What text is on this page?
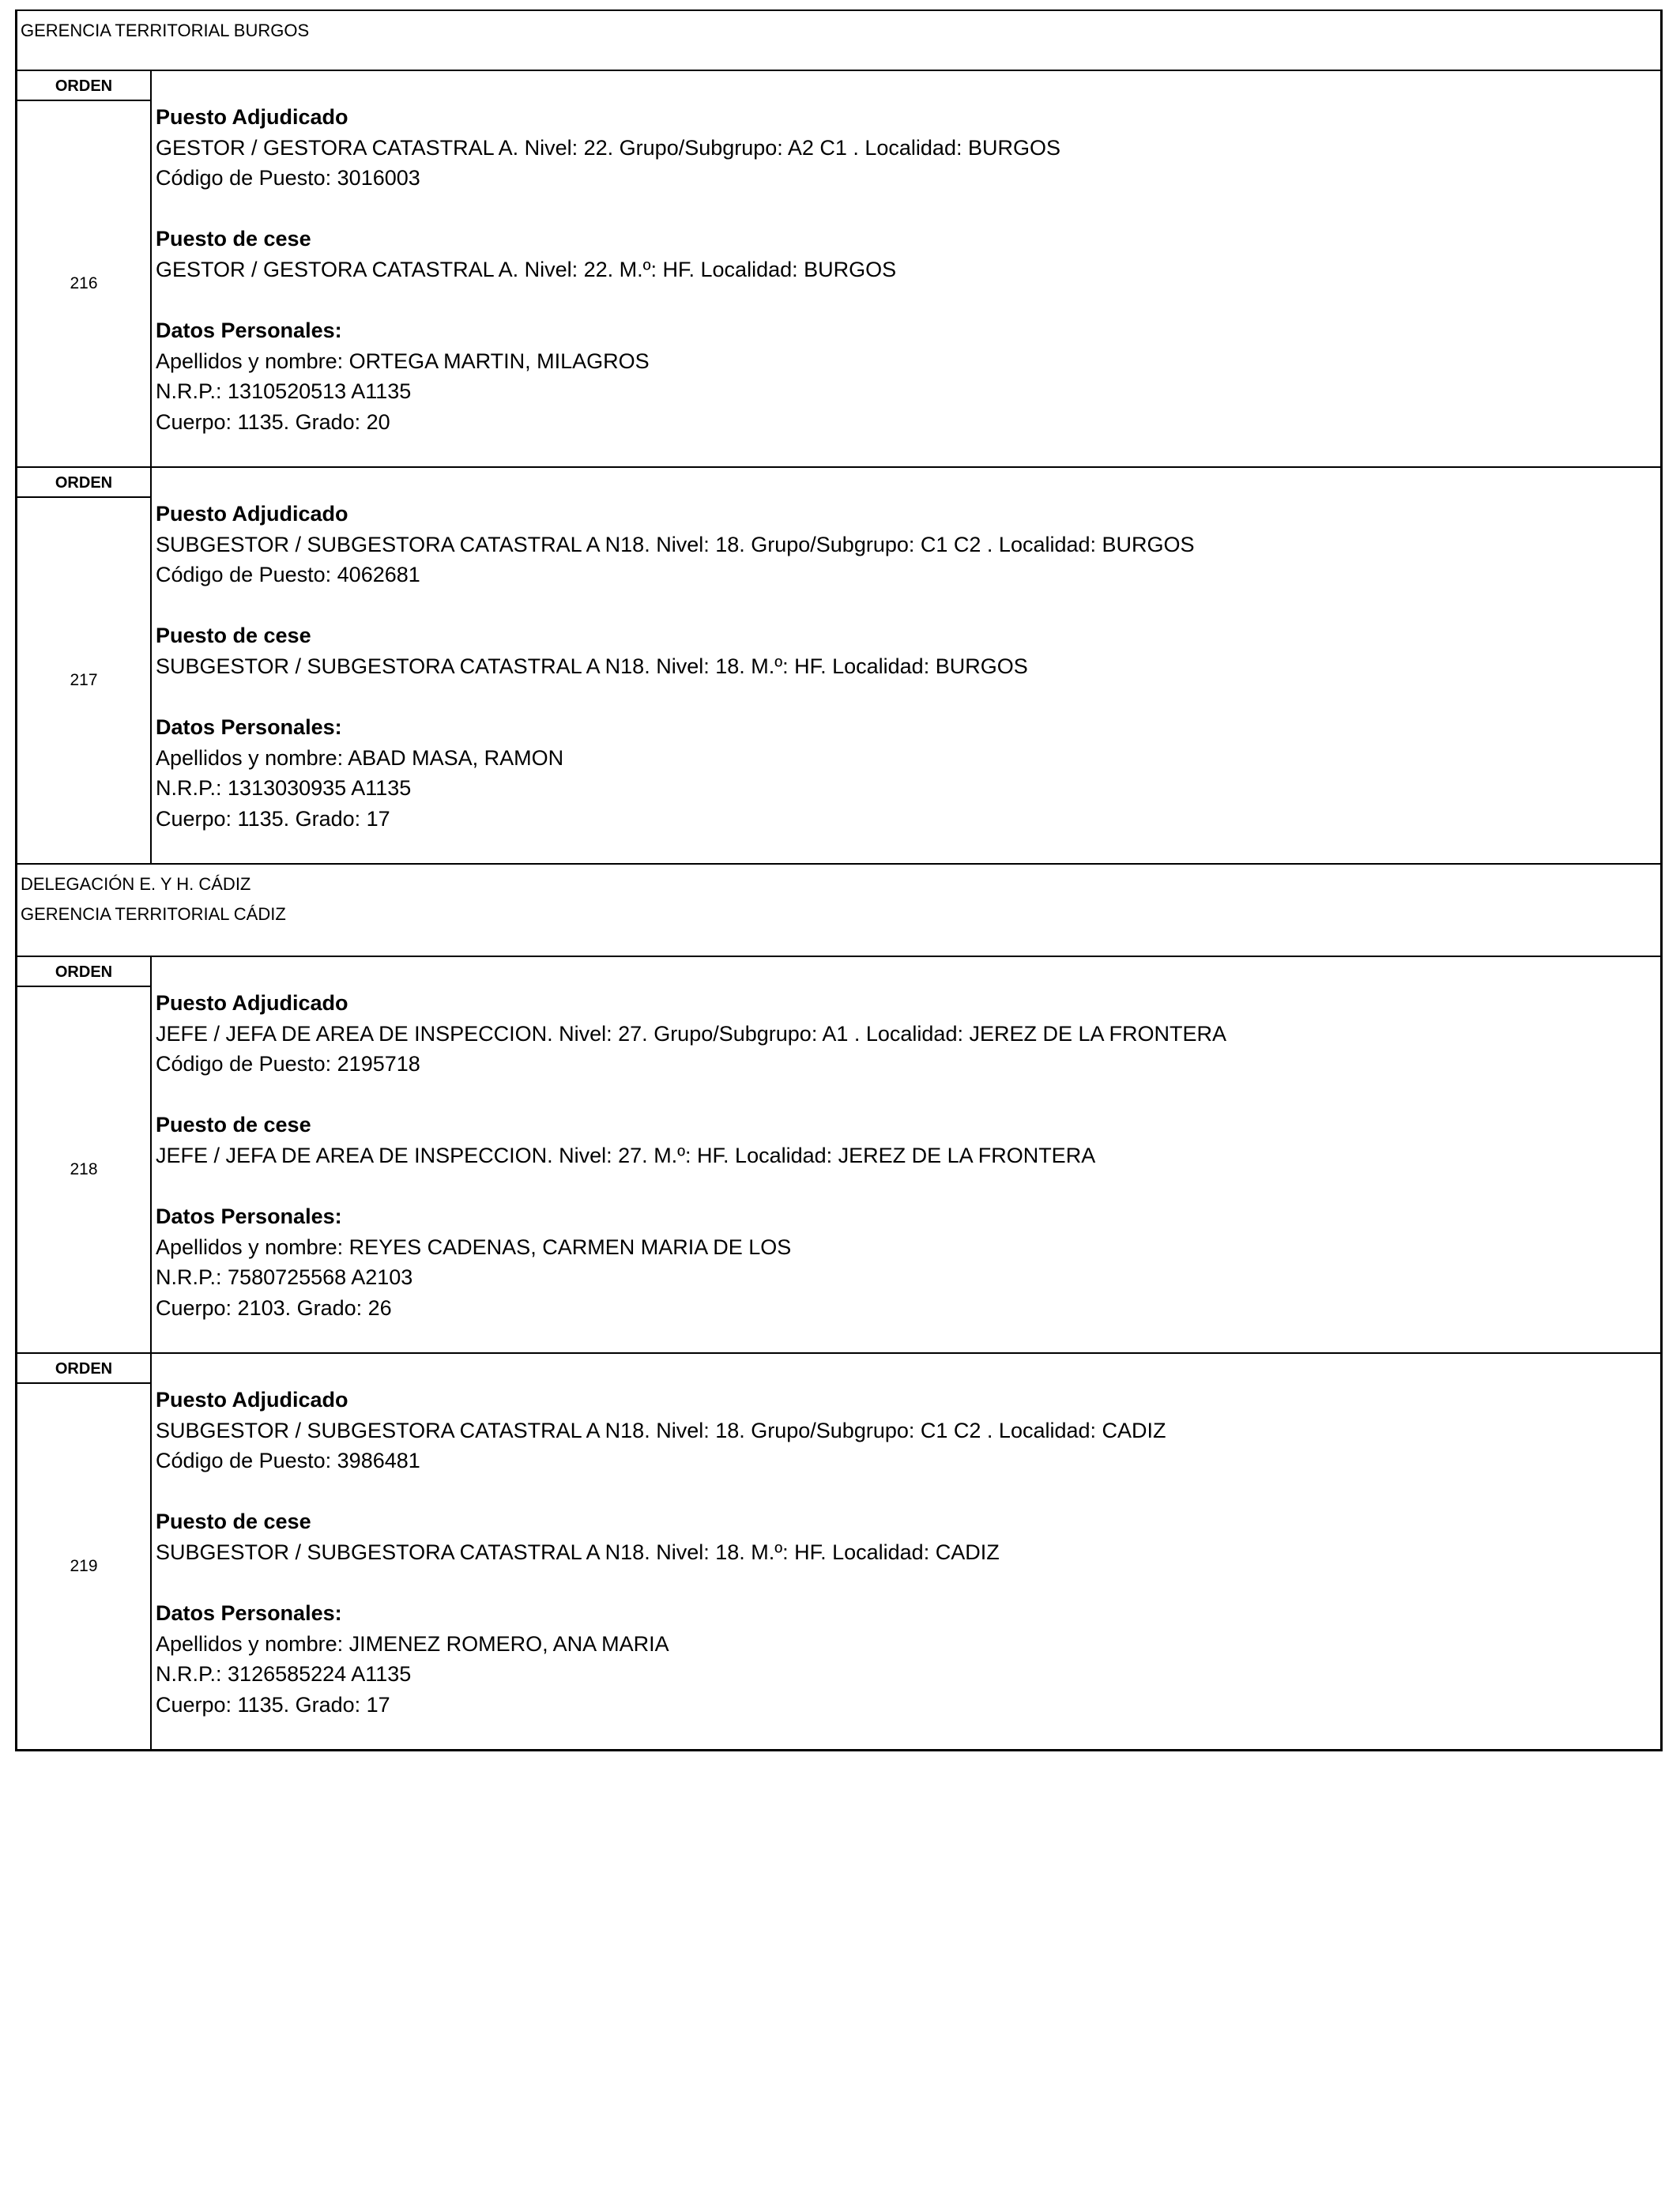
GERENCIA TERRITORIAL BURGOS
ORDEN
216
Puesto Adjudicado
GESTOR / GESTORA CATASTRAL A. Nivel: 22. Grupo/Subgrupo: A2 C1 . Localidad: BURGOS
Código de Puesto: 3016003
Puesto de cese
GESTOR / GESTORA CATASTRAL A. Nivel: 22. M.º: HF. Localidad: BURGOS
Datos Personales:
Apellidos y nombre: ORTEGA MARTIN, MILAGROS
N.R.P.: 1310520513 A1135
Cuerpo: 1135. Grado: 20
ORDEN
217
Puesto Adjudicado
SUBGESTOR / SUBGESTORA CATASTRAL A N18. Nivel: 18. Grupo/Subgrupo: C1 C2 . Localidad: BURGOS
Código de Puesto: 4062681
Puesto de cese
SUBGESTOR / SUBGESTORA CATASTRAL A N18. Nivel: 18. M.º: HF. Localidad: BURGOS
Datos Personales:
Apellidos y nombre: ABAD MASA, RAMON
N.R.P.: 1313030935 A1135
Cuerpo: 1135. Grado: 17
DELEGACIÓN E. Y H. CÁDIZ
GERENCIA TERRITORIAL CÁDIZ
ORDEN
218
Puesto Adjudicado
JEFE / JEFA DE AREA DE INSPECCION. Nivel: 27. Grupo/Subgrupo: A1 . Localidad: JEREZ DE LA FRONTERA
Código de Puesto: 2195718
Puesto de cese
JEFE / JEFA DE AREA DE INSPECCION. Nivel: 27. M.º: HF. Localidad: JEREZ DE LA FRONTERA
Datos Personales:
Apellidos y nombre: REYES CADENAS, CARMEN MARIA DE LOS
N.R.P.: 7580725568 A2103
Cuerpo: 2103. Grado: 26
ORDEN
219
Puesto Adjudicado
SUBGESTOR / SUBGESTORA CATASTRAL A N18. Nivel: 18. Grupo/Subgrupo: C1 C2 . Localidad: CADIZ
Código de Puesto: 3986481
Puesto de cese
SUBGESTOR / SUBGESTORA CATASTRAL A N18. Nivel: 18. M.º: HF. Localidad: CADIZ
Datos Personales:
Apellidos y nombre: JIMENEZ ROMERO, ANA MARIA
N.R.P.: 3126585224 A1135
Cuerpo: 1135. Grado: 17
